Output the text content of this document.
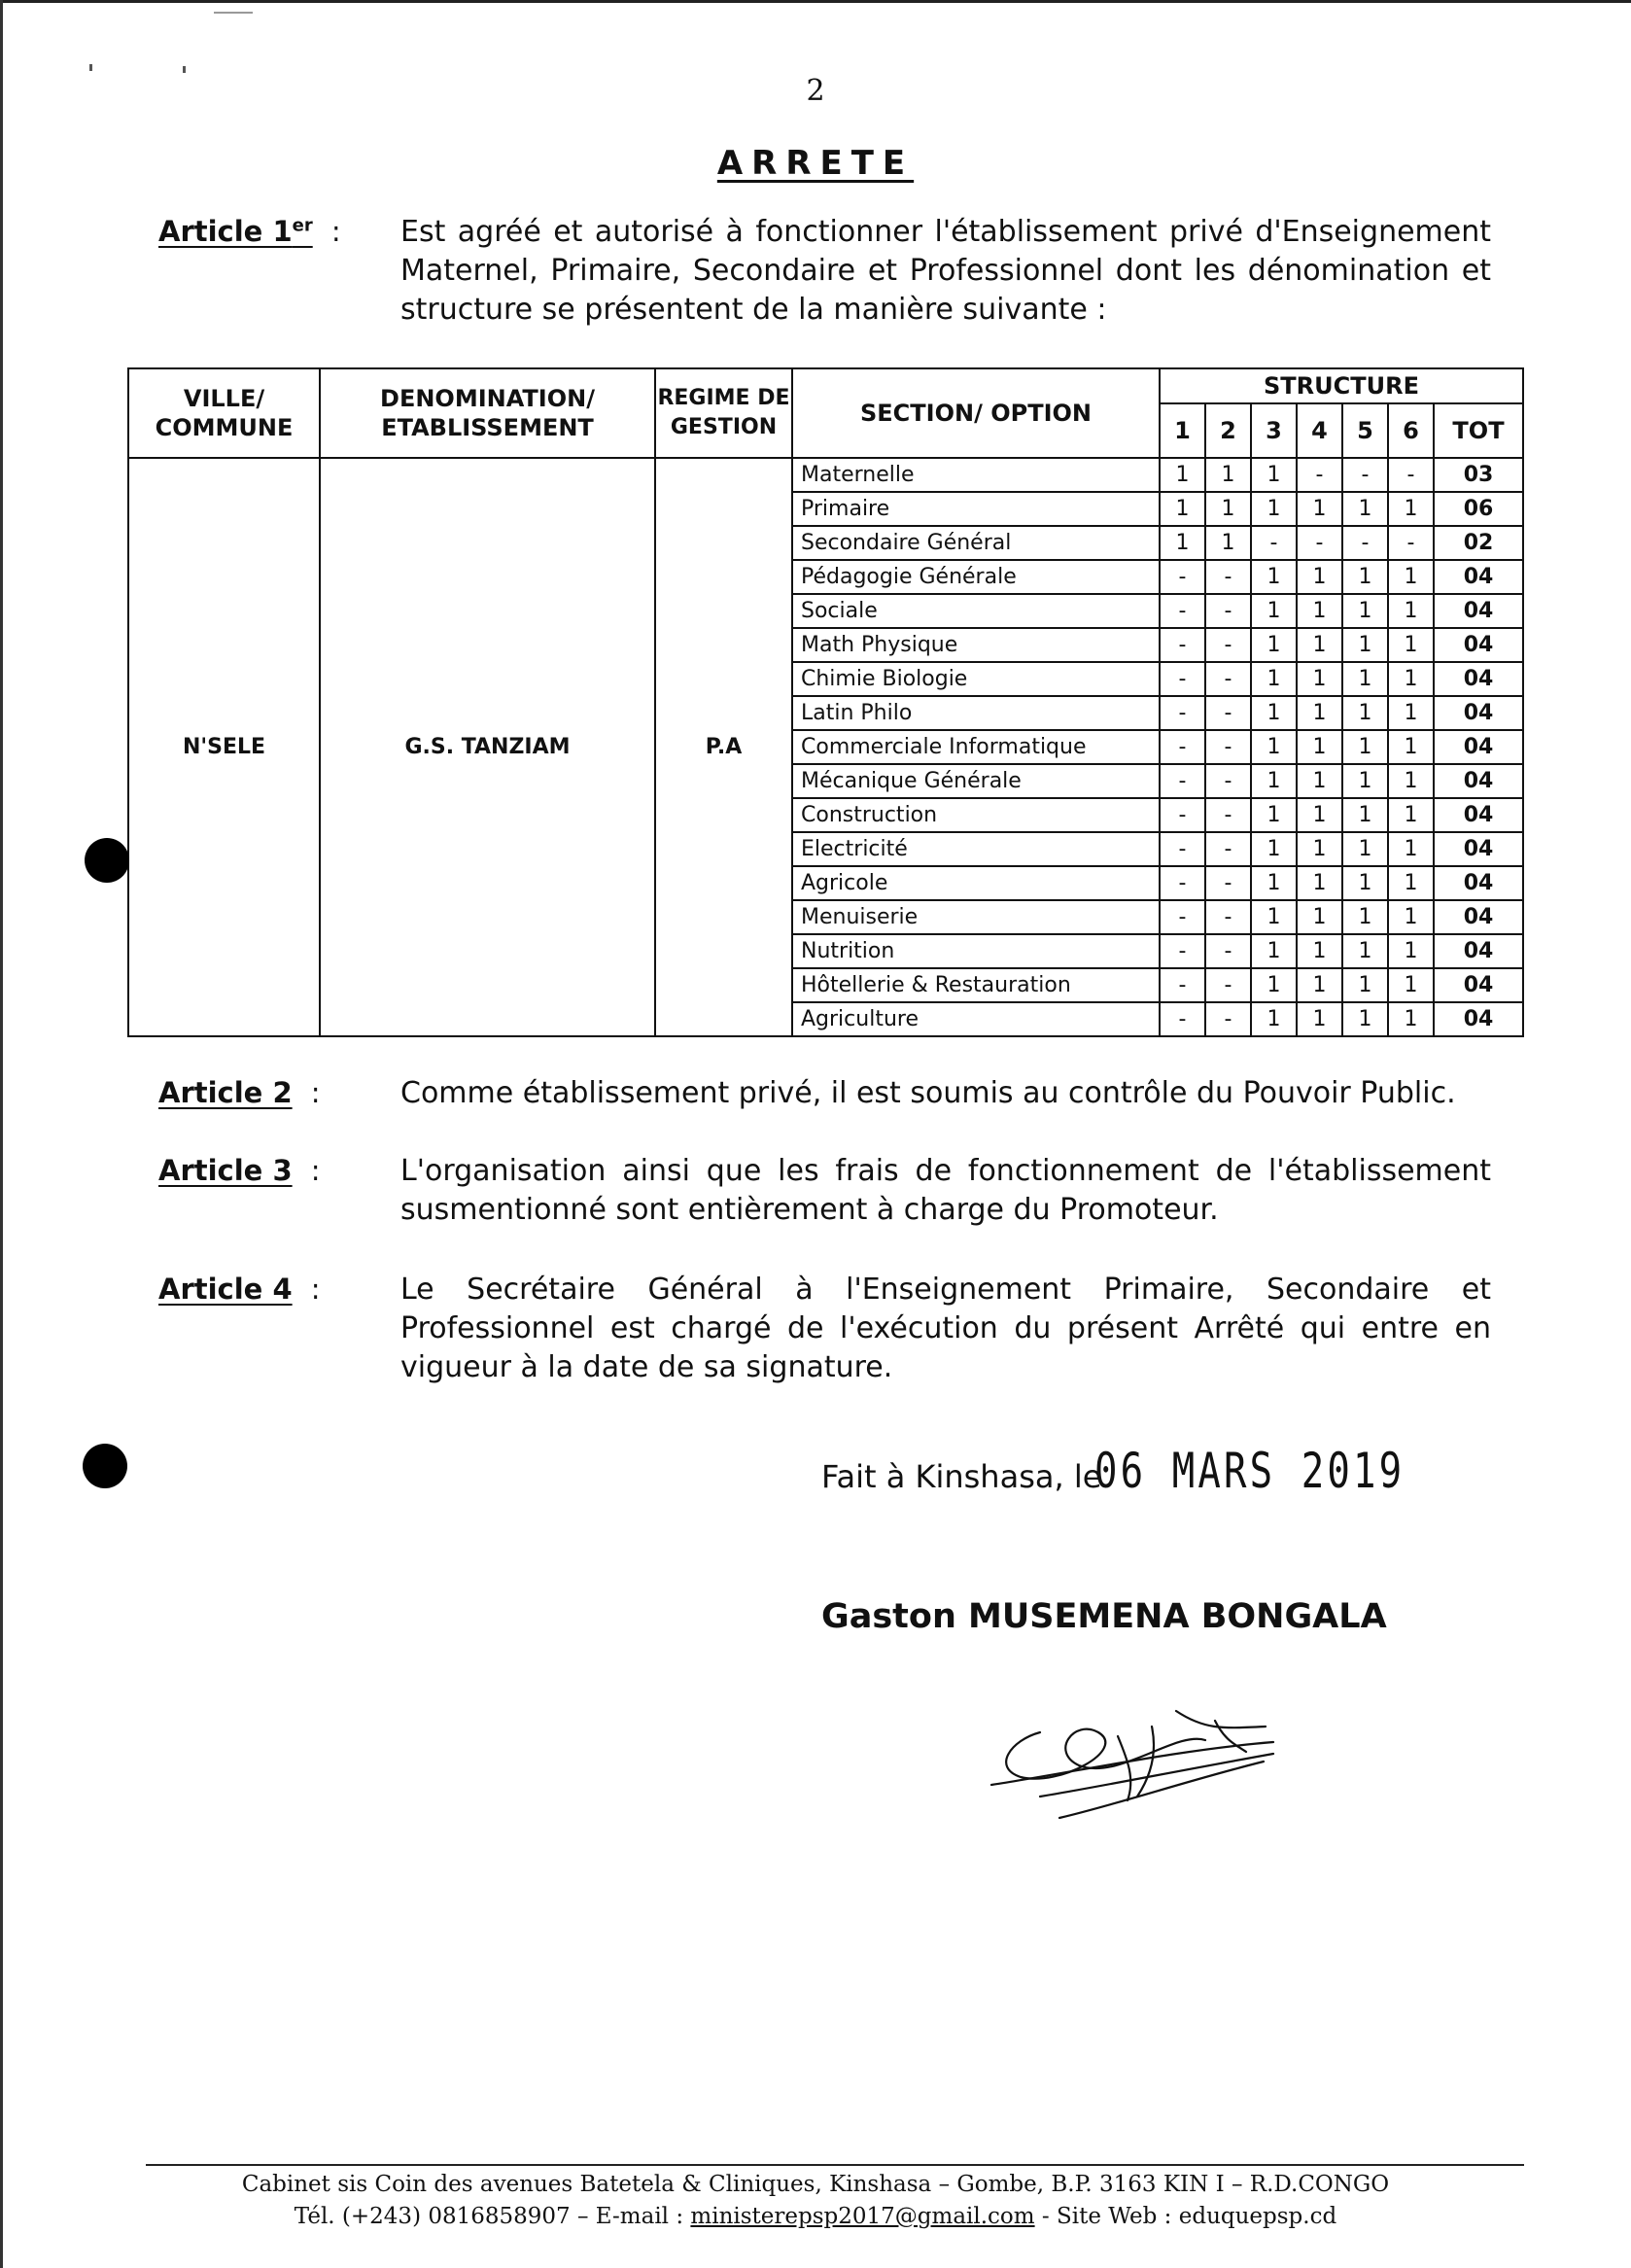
2
ARRETE
Article 1er : Est agréé et autorisé à fonctionner l'établissement privé d'Enseignement Maternel, Primaire, Secondaire et Professionnel dont les dénomination et structure se présentent de la manière suivante :
VILLE/ COMMUNE	DENOMINATION/ ETABLISSEMENT	REGIME DE GESTION	SECTION/ OPTION	STRUCTURE						
				1	2	3	4	5	6	TOT
N'SELE	G.S. TANZIAM	P.A	Maternelle	1	1	1	-	-	-	03
			Primaire	1	1	1	1	1	1	06
			Secondaire Général	1	1	-	-	-	-	02
			Pédagogie Générale	-	-	1	1	1	1	04
			Sociale	-	-	1	1	1	1	04
			Math Physique	-	-	1	1	1	1	04
			Chimie Biologie	-	-	1	1	1	1	04
			Latin Philo	-	-	1	1	1	1	04
			Commerciale Informatique	-	-	1	1	1	1	04
			Mécanique Générale	-	-	1	1	1	1	04
			Construction	-	-	1	1	1	1	04
			Electricité	-	-	1	1	1	1	04
			Agricole	-	-	1	1	1	1	04
			Menuiserie	-	-	1	1	1	1	04
			Nutrition	-	-	1	1	1	1	04
			Hôtellerie & Restauration	-	-	1	1	1	1	04
			Agriculture	-	-	1	1	1	1	04
Article 2 :	Comme établissement privé, il est soumis au contrôle du Pouvoir Public.
Article 3 :	L'organisation ainsi que les frais de fonctionnement de l'établissement susmentionné sont entièrement à charge du Promoteur.
Article 4 :	Le Secrétaire Général à l'Enseignement Primaire, Secondaire et Professionnel est chargé de l'exécution du présent Arrêté qui entre en vigueur à la date de sa signature.
Fait à Kinshasa, le
06 MARS 2019
Gaston MUSEMENA BONGALA
Cabinet sis Coin des avenues Batetela & Cliniques, Kinshasa – Gombe, B.P. 3163 KIN I – R.D.CONGO
Tél. (+243) 0816858907 – E-mail : ministerepsp2017@gmail.com - Site Web : eduquepsp.cd
